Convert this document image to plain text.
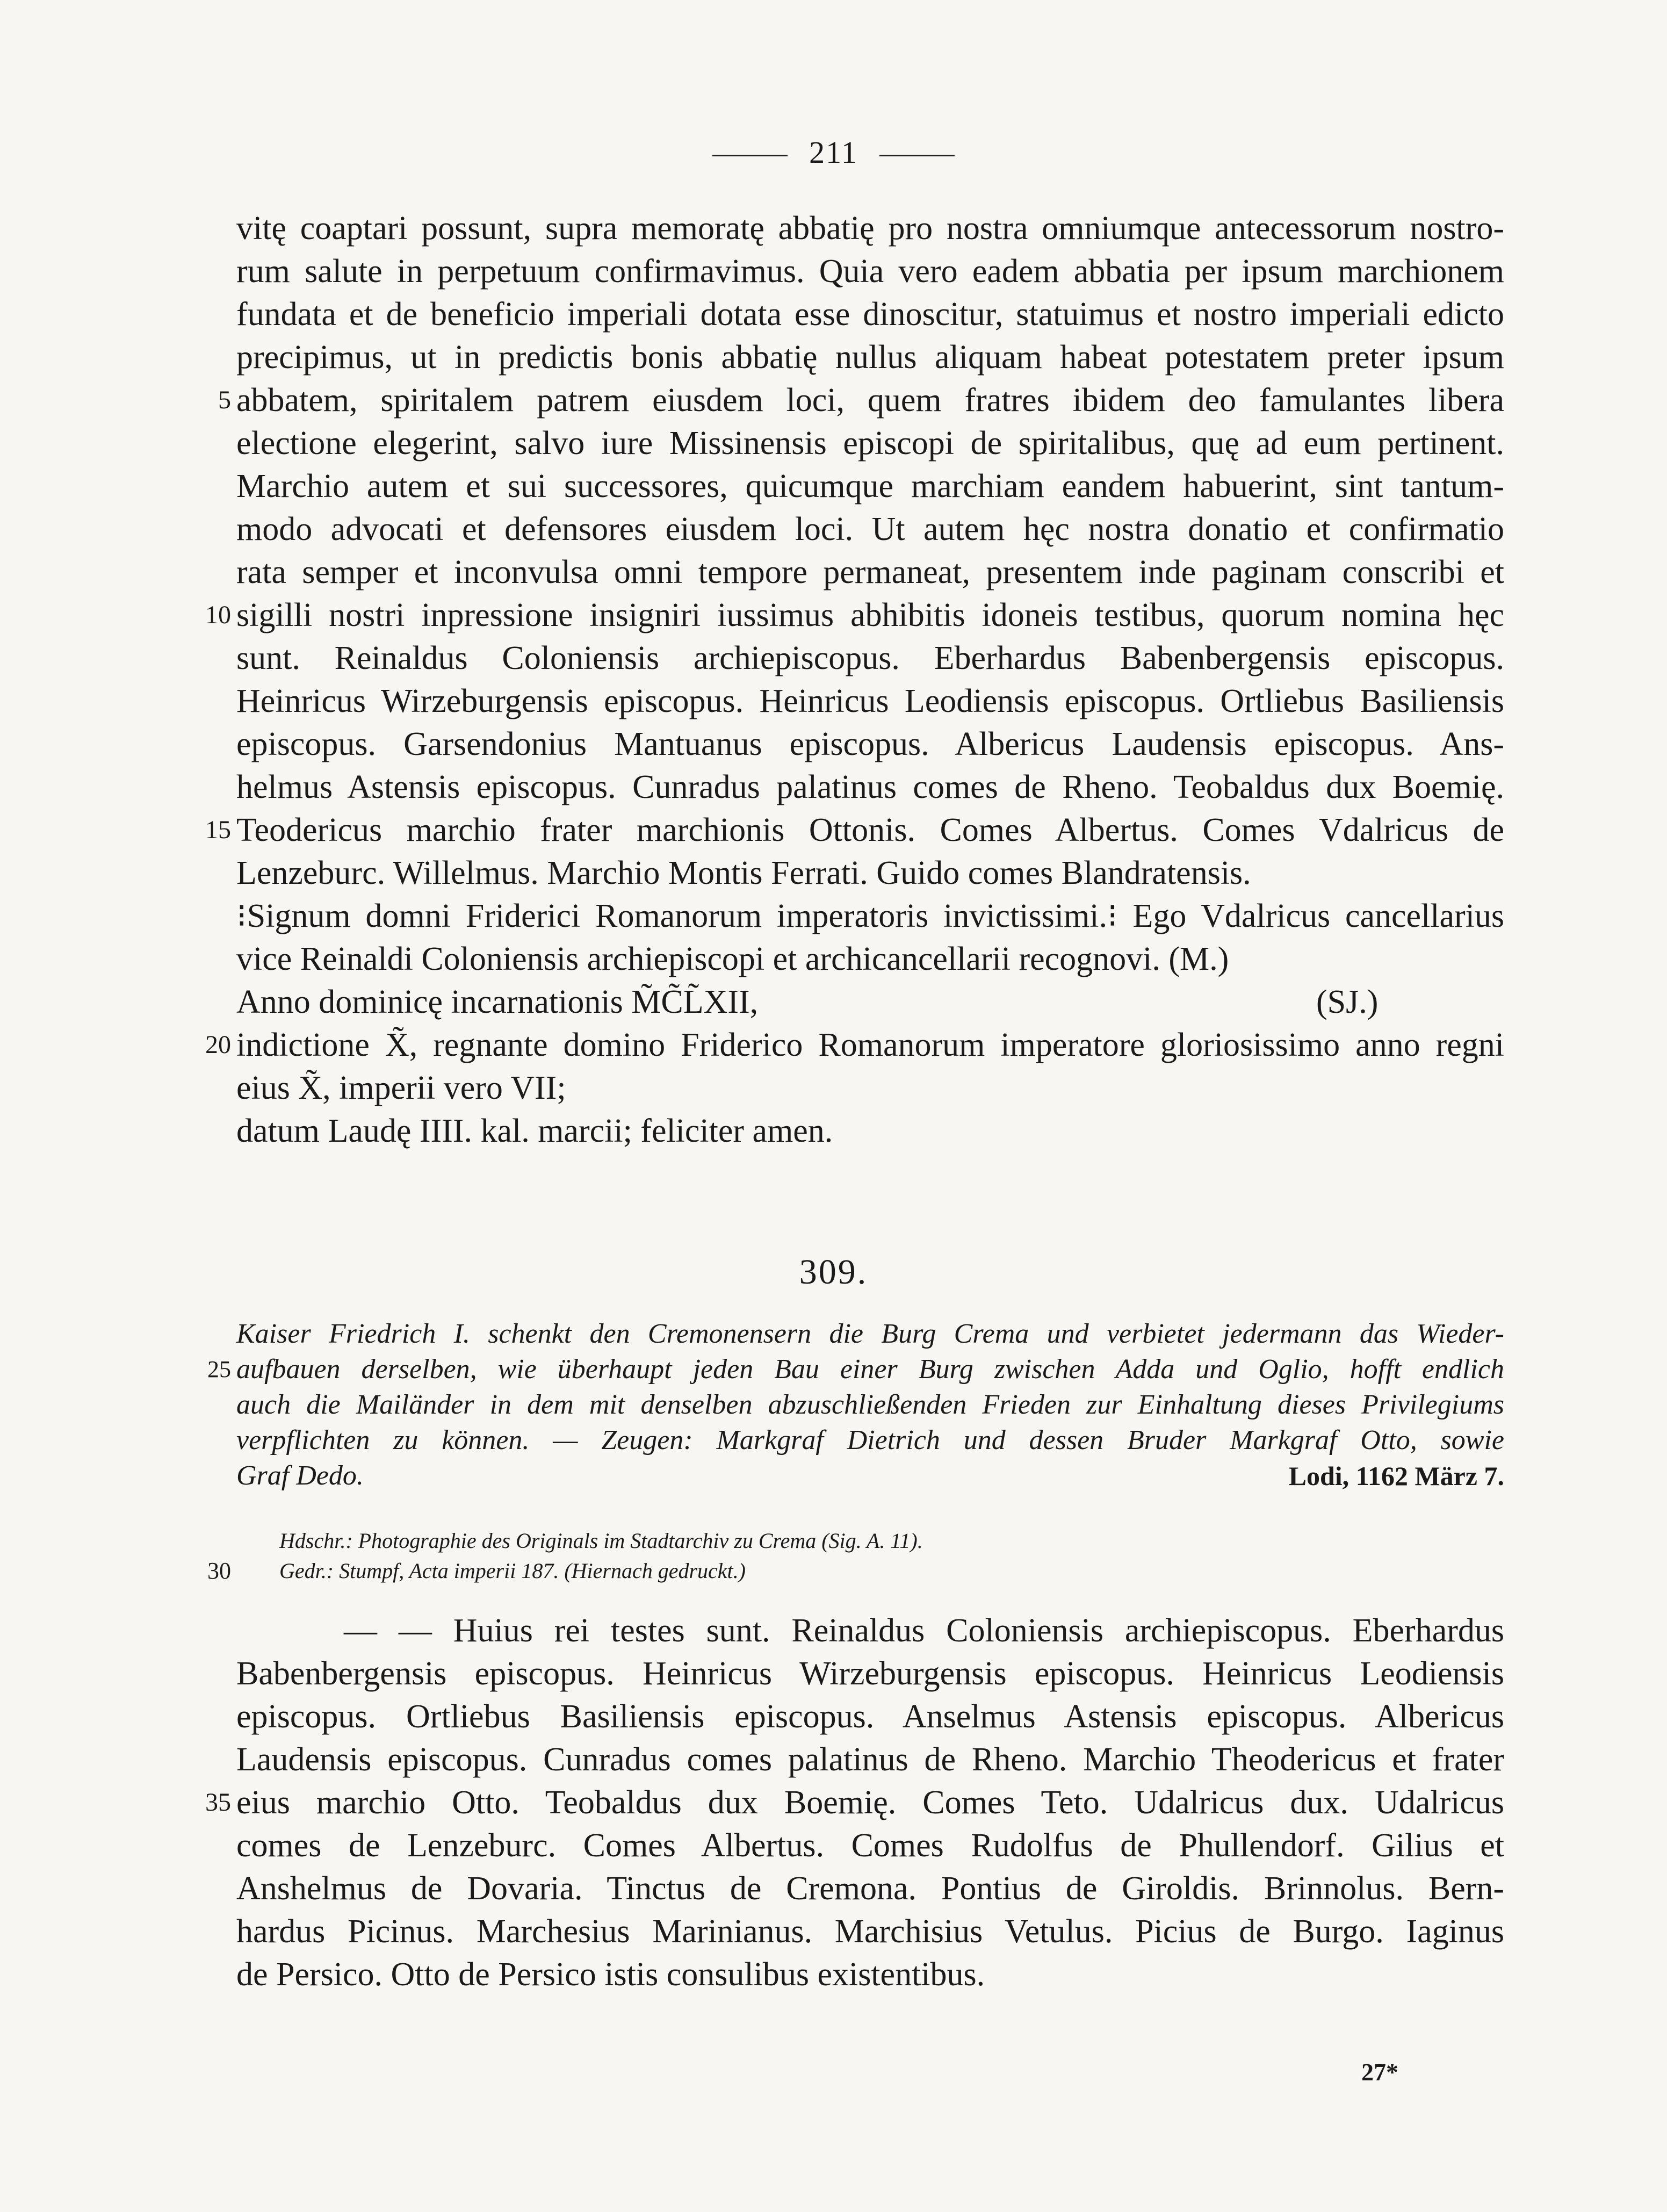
211
vitę coaptari possunt, supra memoratę abbatię pro nostra omniumque antecessorum nostro-
rum salute in perpetuum confirmavimus. Quia vero eadem abbatia per ipsum marchionem
fundata et de beneficio imperiali dotata esse dinoscitur, statuimus et nostro imperiali edicto
precipimus, ut in predictis bonis abbatię nullus aliquam habeat potestatem preter ipsum
abbatem, spiritalem patrem eiusdem loci, quem fratres ibidem deo famulantes libera
electione elegerint, salvo iure Missinensis episcopi de spiritalibus, quę ad eum pertinent.
Marchio autem et sui successores, quicumque marchiam eandem habuerint, sint tantum-
modo advocati et defensores eiusdem loci. Ut autem hęc nostra donatio et confirmatio
rata semper et inconvulsa omni tempore permaneat, presentem inde paginam conscribi et
sigilli nostri inpressione insigniri iussimus abhibitis idoneis testibus, quorum nomina hęc
sunt. Reinaldus Coloniensis archiepiscopus. Eberhardus Babenbergensis episcopus.
Heinricus Wirzeburgensis episcopus. Heinricus Leodiensis episcopus. Ortliebus Basiliensis
episcopus. Garsendonius Mantuanus episcopus. Albericus Laudensis episcopus. Ans-
helmus Astensis episcopus. Cunradus palatinus comes de Rheno. Teobaldus dux Boemię.
Teodericus marchio frater marchionis Ottonis. Comes Albertus. Comes Vdalricus de
Lenzeburc. Willelmus. Marchio Montis Ferrati. Guido comes Blandratensis.
⁝Signum domni Friderici Romanorum imperatoris invictissimi.⁝ Ego Vdalricus cancellarius
vice Reinaldi Coloniensis archiepiscopi et archicancellarii recognovi. (M.)
Anno dominicę incarnationis M̃C̃L̃XII,	(SJ.)
indictione X̃, regnante domino Friderico Romanorum imperatore gloriosissimo anno regni
eius X̃, imperii vero VII;
datum Laudę IIII. kal. marcii; feliciter amen.
5
10
15
20
309.
Kaiser Friedrich I. schenkt den Cremonensern die Burg Crema und verbietet jedermann das Wieder-
aufbauen derselben, wie überhaupt jeden Bau einer Burg zwischen Adda und Oglio, hofft endlich
auch die Mailänder in dem mit denselben abzuschließenden Frieden zur Einhaltung dieses Privilegiums
verpflichten zu können. — Zeugen: Markgraf Dietrich und dessen Bruder Markgraf Otto, sowie
Graf Dedo.	Lodi, 1162 März 7.
25
Hdschr.: Photographie des Originals im Stadtarchiv zu Crema (Sig. A. 11).
Gedr.: Stumpf, Acta imperii 187. (Hiernach gedruckt.)
30
— — Huius rei testes sunt. Reinaldus Coloniensis archiepiscopus. Eberhardus
Babenbergensis episcopus. Heinricus Wirzeburgensis episcopus. Heinricus Leodiensis
episcopus. Ortliebus Basiliensis episcopus. Anselmus Astensis episcopus. Albericus
Laudensis episcopus. Cunradus comes palatinus de Rheno. Marchio Theodericus et frater
eius marchio Otto. Teobaldus dux Boemię. Comes Teto. Udalricus dux. Udalricus
comes de Lenzeburc. Comes Albertus. Comes Rudolfus de Phullendorf. Gilius et
Anshelmus de Dovaria. Tinctus de Cremona. Pontius de Giroldis. Brinnolus. Bern-
hardus Picinus. Marchesius Marinianus. Marchisius Vetulus. Picius de Burgo. Iaginus
de Persico. Otto de Persico istis consulibus existentibus.
35
27*
